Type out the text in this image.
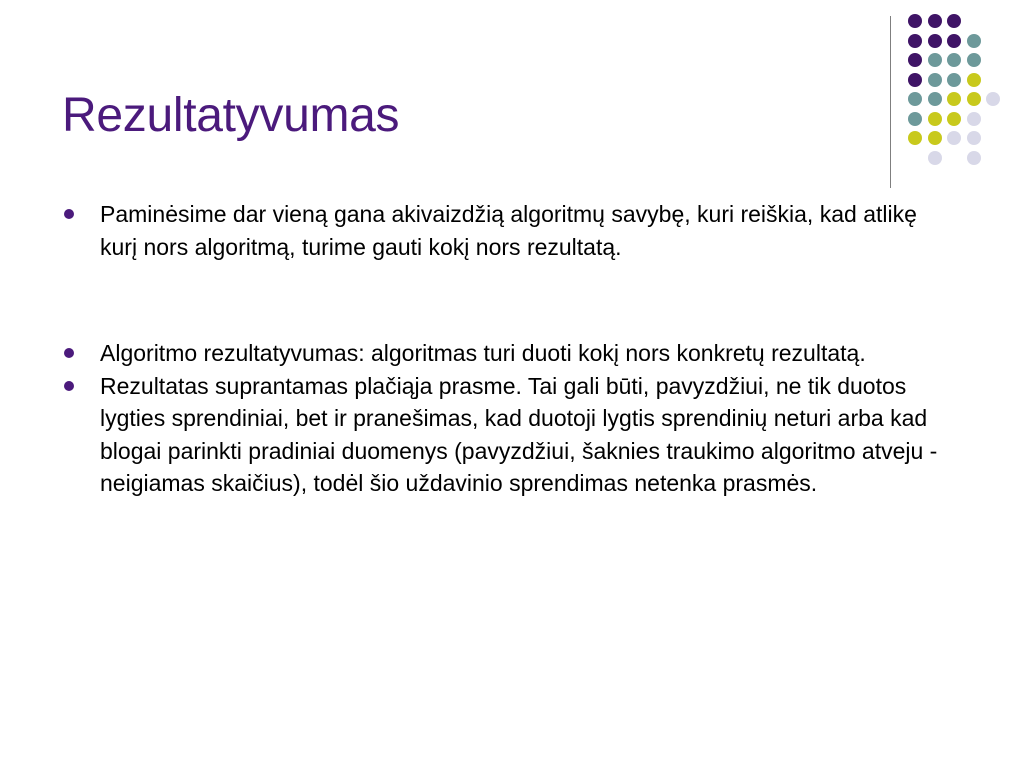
Rezultatyvumas
Paminėsime dar vieną gana akivaizdžią algoritmų savybę, kuri reiškia, kad atlikę kurį nors algoritmą, turime gauti kokį nors rezultatą.
Algoritmo rezultatyvumas: algoritmas turi duoti kokį nors konkretų rezultatą.
Rezultatas suprantamas plačiąja prasme. Tai gali būti, pavyzdžiui, ne tik duotos lygties sprendiniai, bet ir pranešimas, kad duotoji lygtis sprendinių neturi arba kad blogai parinkti pradiniai duomenys (pavyzdžiui, šaknies traukimo algoritmo atveju - neigiamas skaičius), todėl šio uždavinio sprendimas netenka prasmės.
